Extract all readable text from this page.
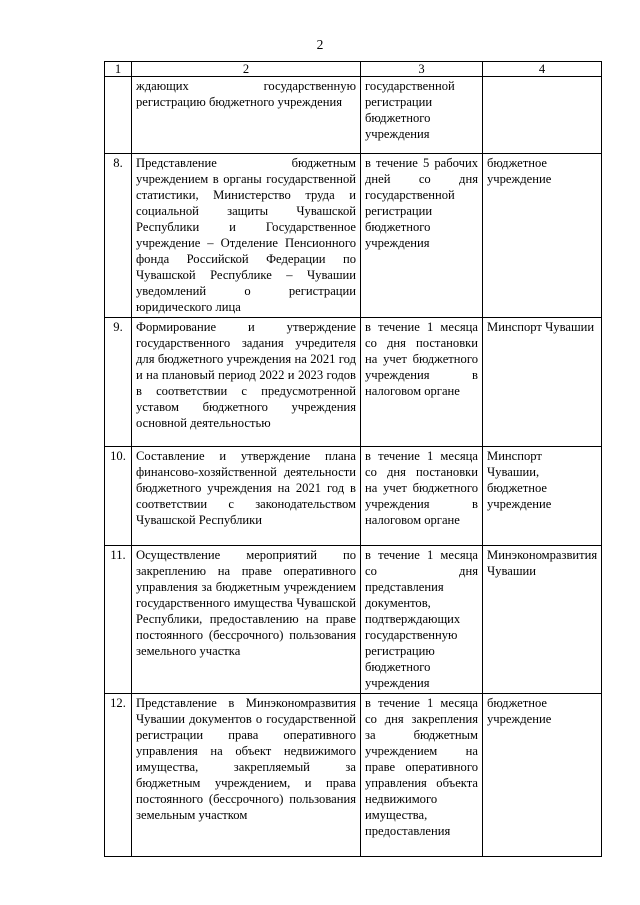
2
1	2	3	4
	ждающих государственную регистрацию бюджетного учреждения	государственной регистрации бюджетного учреждения	
8.	Представление бюджетным учреждением в органы государственной статистики, Министерство труда и социальной защиты Чувашской Республики и Государственное учреждение – Отделение Пенсионного фонда Российской Федерации по Чувашской Республике – Чувашии уведомлений о регистрации юридического лица	в течение 5 рабочих дней со дня государственной регистрации бюджетного учреждения	бюджетное учреждение
9.	Формирование и утверждение государственного задания учредителя для бюджетного учреждения на 2021 год и на плановый период 2022 и 2023 годов в соответствии с предусмотренной уставом бюджетного учреждения основной деятельностью	в течение 1 месяца со дня постановки на учет бюджетного учреждения в налоговом органе	Минспорт Чувашии
10.	Составление и утверждение плана финансово-хозяйственной деятельности бюджетного учреждения на 2021 год в соответствии с законодательством Чувашской Республики	в течение 1 месяца со дня постановки на учет бюджетного учреждения в налоговом органе	Минспорт Чувашии, бюджетное учреждение
11.	Осуществление мероприятий по закреплению на праве оперативного управления за бюджетным учреждением государственного имущества Чувашской Республики, предоставлению на праве постоянного (бессрочного) пользования земельного участка	в течение 1 месяца со дня представления документов, подтверждающих государственную регистрацию бюджетного учреждения	Минэкономразвития Чувашии
12.	Представление в Минэкономразвития Чувашии документов о государственной регистрации права оперативного управления на объект недвижимого имущества, закрепляемый за бюджетным учреждением, и права постоянного (бессрочного) пользования земельным участком	в течение 1 месяца со дня закрепления за бюджетным учреждением на праве оперативного управления объекта недвижимого имущества, предоставления	бюджетное учреждение
